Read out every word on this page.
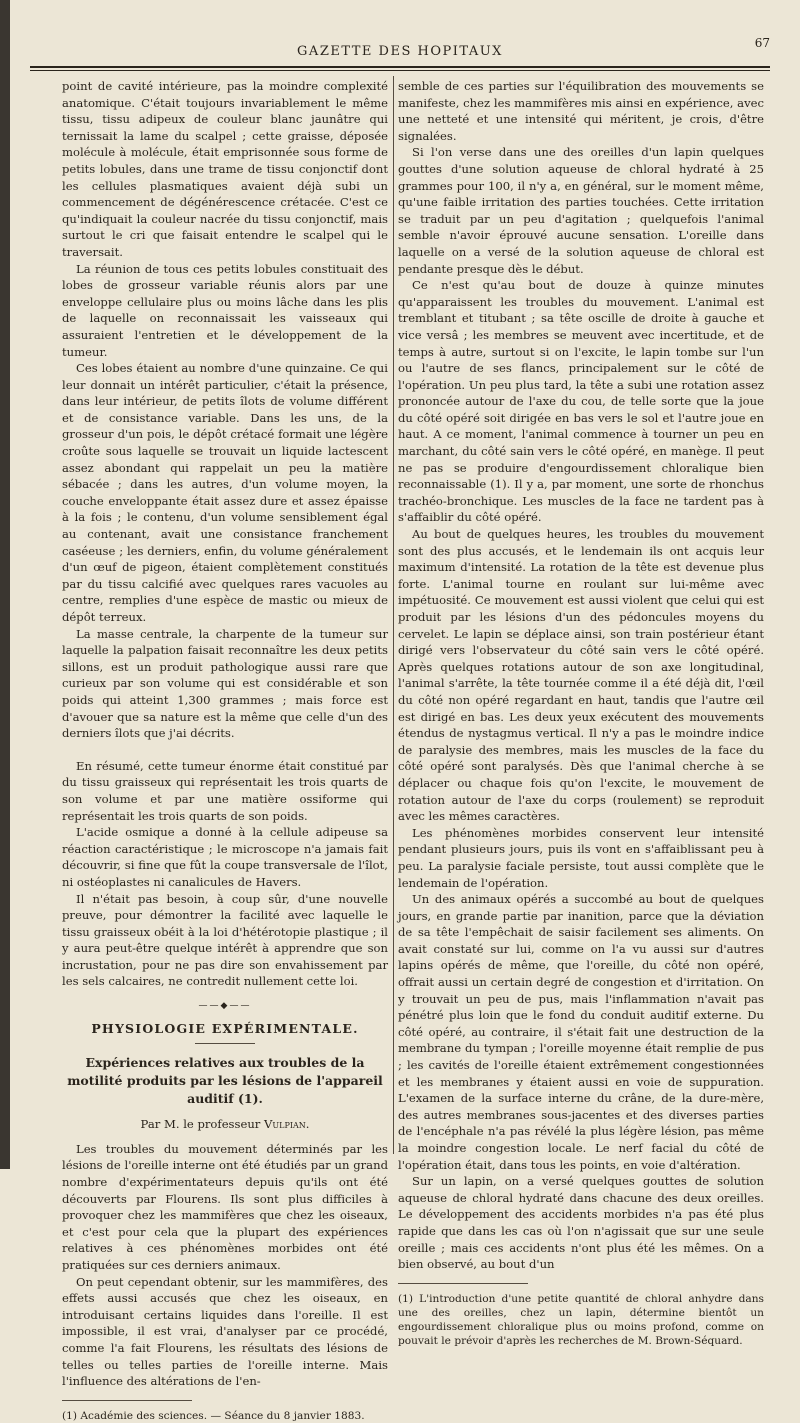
GAZETTE DES HOPITAUX
67

point de cavité intérieure, pas la moindre complexité anatomique. C'était toujours invariablement le même tissu, tissu adipeux de couleur blanc jaunâtre qui ternissait la lame du scalpel ; cette graisse, déposée molécule à molécule, était emprisonnée sous forme de petits lobules, dans une trame de tissu conjonctif dont les cellules plasmatiques avaient déjà subi un commencement de dégénérescence crétacée. C'est ce qu'indiquait la couleur nacrée du tissu conjonctif, mais surtout le cri que faisait entendre le scalpel qui le traversait.

La réunion de tous ces petits lobules constituait des lobes de grosseur variable réunis alors par une enveloppe cellulaire plus ou moins lâche dans les plis de laquelle on reconnaissait les vaisseaux qui assuraient l'entretien et le développement de la tumeur.

Ces lobes étaient au nombre d'une quinzaine. Ce qui leur donnait un intérêt particulier, c'était la présence, dans leur intérieur, de petits îlots de volume différent et de consistance variable. Dans les uns, de la grosseur d'un pois, le dépôt crétacé formait une légère croûte sous laquelle se trouvait un liquide lactescent assez abondant qui rappelait un peu la matière sébacée ; dans les autres, d'un volume moyen, la couche enveloppante était assez dure et assez épaisse à la fois ; le contenu, d'un volume sensiblement égal au contenant, avait une consistance franchement caséeuse ; les derniers, enfin, du volume généralement d'un œuf de pigeon, étaient complètement constitués par du tissu calcifié avec quelques rares vacuoles au centre, remplies d'une espèce de mastic ou mieux de dépôt terreux.

La masse centrale, la charpente de la tumeur sur laquelle la palpation faisait reconnaître les deux petits sillons, est un produit pathologique aussi rare que curieux par son volume qui est considérable et son poids qui atteint 1,300 grammes ; mais force est d'avouer que sa nature est la même que celle d'un des derniers îlots que j'ai décrits.

En résumé, cette tumeur énorme était constitué par du tissu graisseux qui représentait les trois quarts de son volume et par une matière ossiforme qui représentait les trois quarts de son poids.

L'acide osmique a donné à la cellule adipeuse sa réaction caractéristique ; le microscope n'a jamais fait découvrir, si fine que fût la coupe transversale de l'îlot, ni ostéoplastes ni canalicules de Havers.

Il n'était pas besoin, à coup sûr, d'une nouvelle preuve, pour démontrer la facilité avec laquelle le tissu graisseux obéit à la loi d'hétérotopie plastique ; il y aura peut-être quelque intérêt à apprendre que son incrustation, pour ne pas dire son envahissement par les sels calcaires, ne contredit nullement cette loi.

——◆——
PHYSIOLOGIE EXPÉRIMENTALE.
Expériences relatives aux troubles de la motilité produits par les lésions de l'appareil auditif (1).
Par M. le professeur Vulpian.

Les troubles du mouvement déterminés par les lésions de l'oreille interne ont été étudiés par un grand nombre d'expérimentateurs depuis qu'ils ont été découverts par Flourens. Ils sont plus difficiles à provoquer chez les mammifères que chez les oiseaux, et c'est pour cela que la plupart des expériences relatives à ces phénomènes morbides ont été pratiquées sur ces derniers animaux.

On peut cependant obtenir, sur les mammifères, des effets aussi accusés que chez les oiseaux, en introduisant certains liquides dans l'oreille. Il est impossible, il est vrai, d'analyser par ce procédé, comme l'a fait Flourens, les résultats des lésions de telles ou telles parties de l'oreille interne. Mais l'influence des altérations de l'en-

(1) Académie des sciences. — Séance du 8 janvier 1883.

semble de ces parties sur l'équilibration des mouvements se manifeste, chez les mammifères mis ainsi en expérience, avec une netteté et une intensité qui méritent, je crois, d'être signalées.

Si l'on verse dans une des oreilles d'un lapin quelques gouttes d'une solution aqueuse de chloral hydraté à 25 grammes pour 100, il n'y a, en général, sur le moment même, qu'une faible irritation des parties touchées. Cette irritation se traduit par un peu d'agitation ; quelquefois l'animal semble n'avoir éprouvé aucune sensation. L'oreille dans laquelle on a versé de la solution aqueuse de chloral est pendante presque dès le début.

Ce n'est qu'au bout de douze à quinze minutes qu'apparaissent les troubles du mouvement. L'animal est tremblant et titubant ; sa tête oscille de droite à gauche et vice versâ ; les membres se meuvent avec incertitude, et de temps à autre, surtout si on l'excite, le lapin tombe sur l'un ou l'autre de ses flancs, principalement sur le côté de l'opération. Un peu plus tard, la tête a subi une rotation assez prononcée autour de l'axe du cou, de telle sorte que la joue du côté opéré soit dirigée en bas vers le sol et l'autre joue en haut. A ce moment, l'animal commence à tourner un peu en marchant, du côté sain vers le côté opéré, en manège. Il peut ne pas se produire d'engourdissement chloralique bien reconnaissable (1). Il y a, par moment, une sorte de rhonchus trachéo-bronchique. Les muscles de la face ne tardent pas à s'affaiblir du côté opéré.

Au bout de quelques heures, les troubles du mouvement sont des plus accusés, et le lendemain ils ont acquis leur maximum d'intensité. La rotation de la tête est devenue plus forte. L'animal tourne en roulant sur lui-même avec impétuosité. Ce mouvement est aussi violent que celui qui est produit par les lésions d'un des pédoncules moyens du cervelet. Le lapin se déplace ainsi, son train postérieur étant dirigé vers l'observateur du côté sain vers le côté opéré. Après quelques rotations autour de son axe longitudinal, l'animal s'arrête, la tête tournée comme il a été déjà dit, l'œil du côté non opéré regardant en haut, tandis que l'autre œil est dirigé en bas. Les deux yeux exécutent des mouvements étendus de nystagmus vertical. Il n'y a pas le moindre indice de paralysie des membres, mais les muscles de la face du côté opéré sont paralysés. Dès que l'animal cherche à se déplacer ou chaque fois qu'on l'excite, le mouvement de rotation autour de l'axe du corps (roulement) se reproduit avec les mêmes caractères.

Les phénomènes morbides conservent leur intensité pendant plusieurs jours, puis ils vont en s'affaiblissant peu à peu. La paralysie faciale persiste, tout aussi complète que le lendemain de l'opération.

Un des animaux opérés a succombé au bout de quelques jours, en grande partie par inanition, parce que la déviation de sa tête l'empêchait de saisir facilement ses aliments. On avait constaté sur lui, comme on l'a vu aussi sur d'autres lapins opérés de même, que l'oreille, du côté non opéré, offrait aussi un certain degré de congestion et d'irritation. On y trouvait un peu de pus, mais l'inflammation n'avait pas pénétré plus loin que le fond du conduit auditif externe. Du côté opéré, au contraire, il s'était fait une destruction de la membrane du tympan ; l'oreille moyenne était remplie de pus ; les cavités de l'oreille étaient extrêmement congestionnées et les membranes y étaient aussi en voie de suppuration. L'examen de la surface interne du crâne, de la dure-mère, des autres membranes sous-jacentes et des diverses parties de l'encéphale n'a pas révélé la plus légère lésion, pas même la moindre congestion locale. Le nerf facial du côté de l'opération était, dans tous les points, en voie d'altération.

Sur un lapin, on a versé quelques gouttes de solution aqueuse de chloral hydraté dans chacune des deux oreilles. Le développement des accidents morbides n'a pas été plus rapide que dans les cas où l'on n'agissait que sur une seule oreille ; mais ces accidents n'ont plus été les mêmes. On a bien observé, au bout d'un

(1) L'introduction d'une petite quantité de chloral anhydre dans une des oreilles, chez un lapin, détermine bientôt un engourdissement chloralique plus ou moins profond, comme on pouvait le prévoir d'après les recherches de M. Brown-Séquard.
